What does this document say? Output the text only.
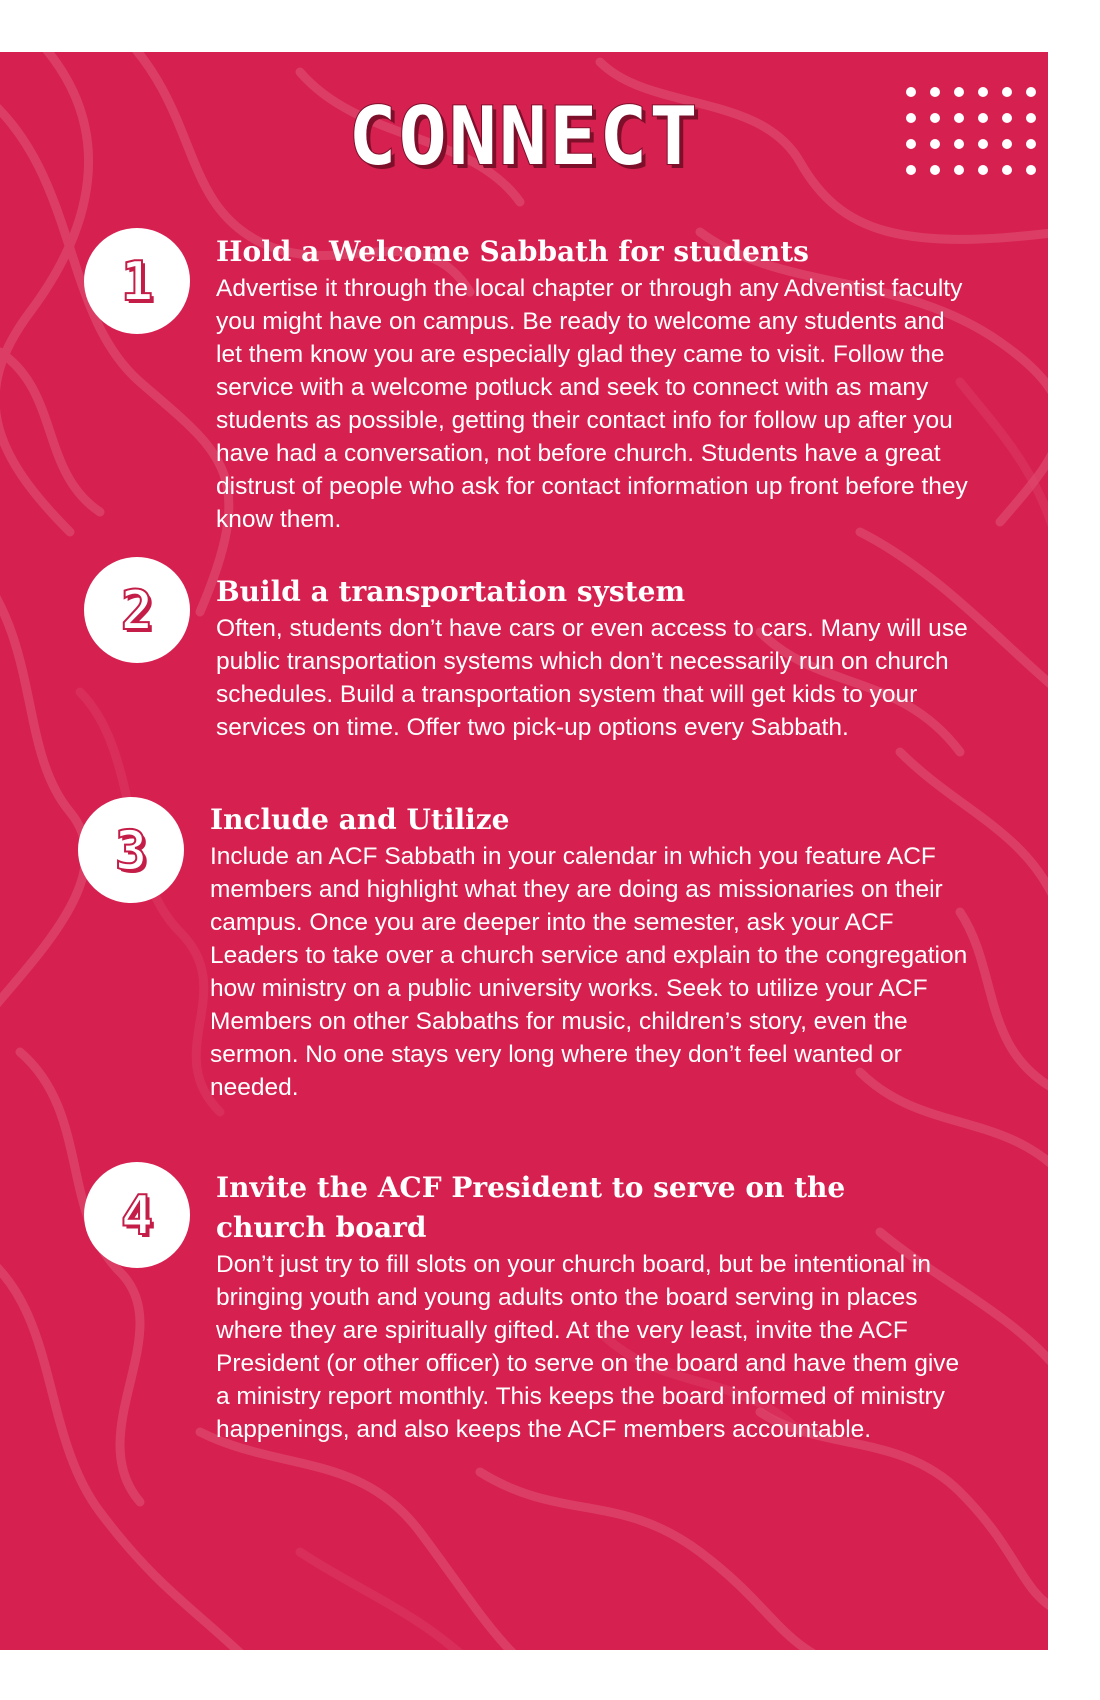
CONNECT
1	Hold a Welcome Sabbath for students

Advertise it through the local chapter or through any Adventist faculty you might have on campus. Be ready to welcome any students and let them know you are especially glad they came to visit. Follow the service with a welcome potluck and seek to connect with as many students as possible, getting their contact info for follow up after you have had a conversation, not before church. Students have a great distrust of people who ask for contact information up front before they know them.

2	Build a transportation system

Often, students don’t have cars or even access to cars. Many will use public transportation systems which don’t necessarily run on church schedules. Build a transportation system that will get kids to your services on time. Offer two pick-up options every Sabbath.

3	Include and Utilize

Include an ACF Sabbath in your calendar in which you feature ACF members and highlight what they are doing as missionaries on their campus. Once you are deeper into the semester, ask your ACF Leaders to take over a church service and explain to the congregation how ministry on a public university works. Seek to utilize your ACF Members on other Sabbaths for music, children’s story, even the sermon. No one stays very long where they don’t feel wanted or needed.

4	Invite the ACF President to serve on the church board

Don’t just try to fill slots on your church board, but be intentional in bringing youth and young adults onto the board serving in places where they are spiritually gifted. At the very least, invite the ACF President (or other officer) to serve on the board and have them give a ministry report monthly. This keeps the board informed of ministry happenings, and also keeps the ACF members accountable.
